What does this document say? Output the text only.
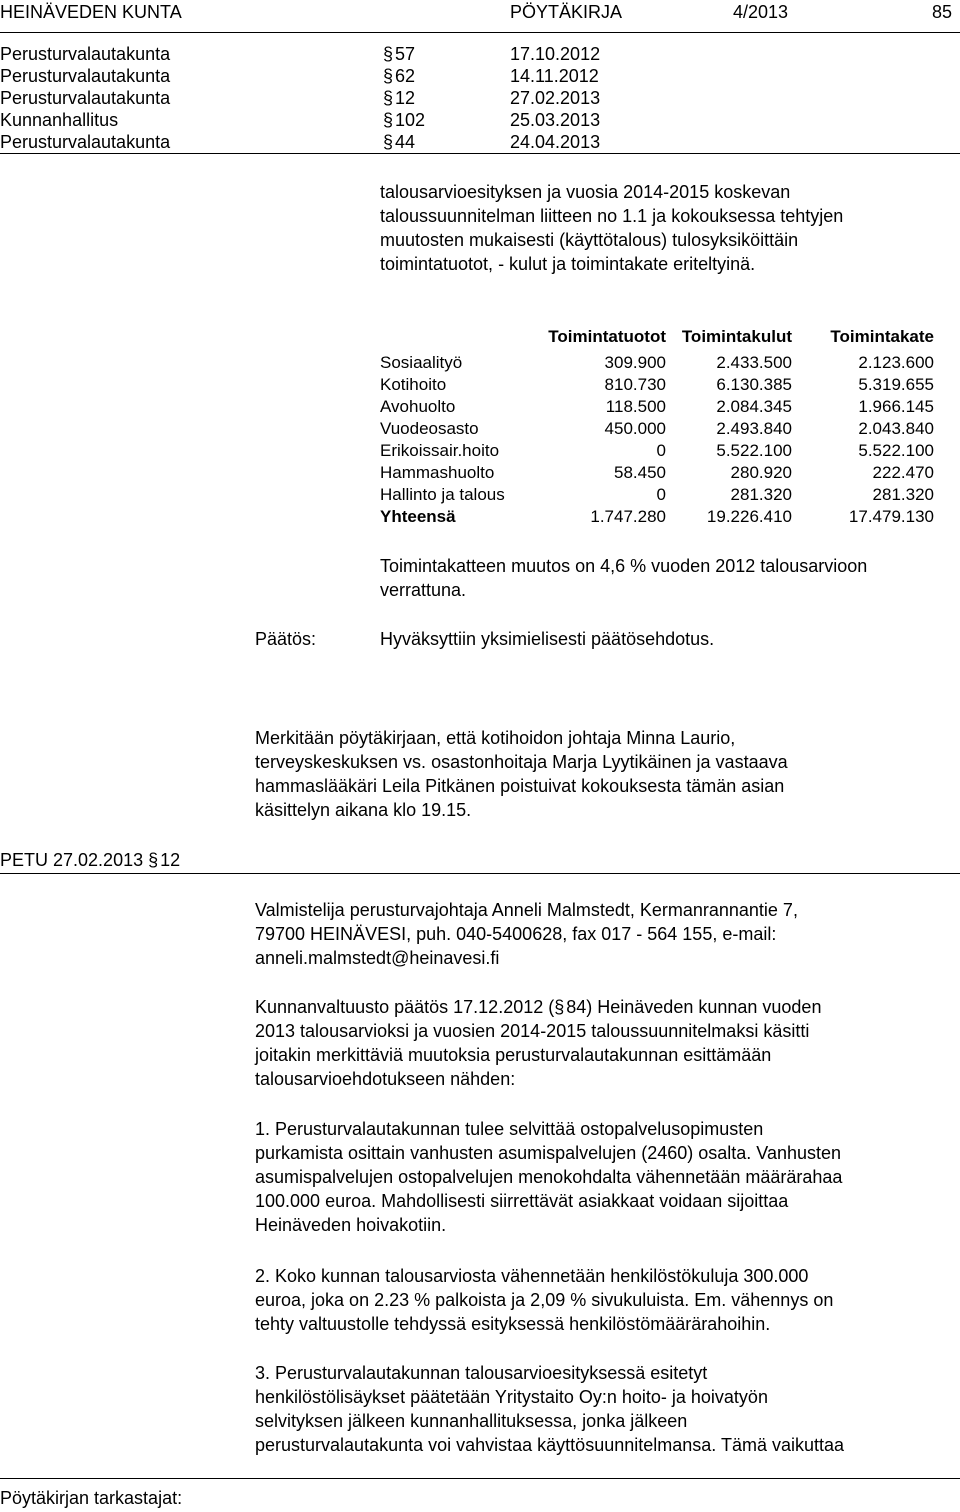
HEINÄVEDEN KUNTA	PÖYTÄKIRJA	4/2013	85
Perusturvalautakunta	§ 57	17.10.2012
Perusturvalautakunta	§ 62	14.11.2012
Perusturvalautakunta	§ 12	27.02.2013
Kunnanhallitus	§ 102	25.03.2013
Perusturvalautakunta	§ 44	24.04.2013
talousarvioesityksen ja vuosia 2014-2015 koskevan
taloussuunnitelman liitteen no 1.1 ja kokouksessa tehtyjen
muutosten mukaisesti (käyttötalous) tulosyksiköittäin
toimintatuotot, - kulut ja toimintakate eriteltyinä.
	Toimintatuotot	Toimintakulut	Toimintakate

Sosiaalityö	309.900	2.433.500	2.123.600
Kotihoito	810.730	6.130.385	5.319.655
Avohuolto	118.500	2.084.345	1.966.145
Vuodeosasto	450.000	2.493.840	2.043.840
Erikoissair.hoito	0	5.522.100	5.522.100
Hammashuolto	58.450	280.920	222.470
Hallinto ja talous	0	281.320	281.320
Yhteensä	1.747.280	19.226.410	17.479.130
Toimintakatteen muutos on 4,6 % vuoden 2012 talousarvioon
verrattuna.
Päätös:	Hyväksyttiin yksimielisesti päätösehdotus.
Merkitään pöytäkirjaan, että kotihoidon johtaja Minna Laurio,
terveyskeskuksen vs. osastonhoitaja Marja Lyytikäinen ja vastaava
hammaslääkäri Leila Pitkänen poistuivat kokouksesta tämän asian
käsittelyn aikana klo 19.15.
PETU 27.02.2013 § 12
Valmistelija perusturvajohtaja Anneli Malmstedt, Kermanrannantie 7,
79700 HEINÄVESI, puh. 040-5400628, fax 017 - 564 155, e-mail:
anneli.malmstedt@heinavesi.fi
Kunnanvaltuusto päätös 17.12.2012 (§ 84) Heinäveden kunnan vuoden
2013 talousarvioksi ja vuosien 2014-2015 taloussuunnitelmaksi käsitti
joitakin merkittäviä muutoksia perusturvalautakunnan esittämään
talousarvioehdotukseen nähden:
1. Perusturvalautakunnan tulee selvittää ostopalvelusopimusten
purkamista osittain vanhusten asumispalvelujen (2460) osalta. Vanhusten
asumispalvelujen ostopalvelujen menokohdalta vähennetään määrärahaa
100.000 euroa. Mahdollisesti siirrettävät asiakkaat voidaan sijoittaa
Heinäveden hoivakotiin.
2. Koko kunnan talousarviosta vähennetään henkilöstökuluja 300.000
euroa, joka on 2.23 % palkoista ja 2,09 % sivukuluista. Em. vähennys on
tehty valtuustolle tehdyssä esityksessä henkilöstömäärärahoihin.
3. Perusturvalautakunnan talousarvioesityksessä esitetyt
henkilöstölisäykset päätetään Yritystaito Oy:n hoito- ja hoivatyön
selvityksen jälkeen kunnanhallituksessa, jonka jälkeen
perusturvalautakunta voi vahvistaa käyttösuunnitelmansa. Tämä vaikuttaa
Pöytäkirjan tarkastajat:
